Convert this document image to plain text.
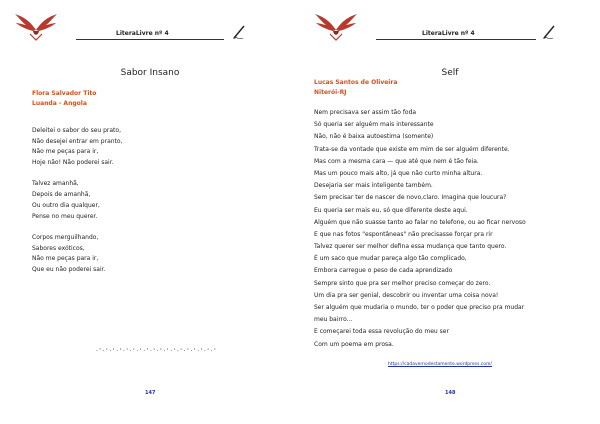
LiteraLivre nº 4
Sabor Insano
Flora Salvador Tito
Luanda - Angola
Deleitei o sabor do seu prato,
Não desejei entrar em pranto,
Não me peças para ir,
Hoje não! Não poderei sair.
Talvez amanhã,
Depois de amanhã,
Ou outro dia qualquer,
Pense no meu querer.
Corpos merguilhando,
Sabores exóticos,
Não me peças para ir,
Que eu não poderei sair.
·ʿ·ʿ·ʿ·ʿ·ʿ·ʿ·ʿ·ʿ·ʿ·ʿ·ʿ·ʿ·ʿ·ʿ·ʿ·ʿ·ʿ·ʿ
147
LiteraLivre nº 4
Self
Lucas Santos de Oliveira
Niterói-RJ
Nem precisava ser assim tão foda
Só queria ser alguém mais interessante
Não, não é baixa autoestima (somente)
Trata-se da vontade que existe em mim de ser alguém diferente.
Mas com a mesma cara — que até que nem é tão feia.
Mas um pouco mais alto, já que não curto minha altura.
Desejaria ser mais inteligente também.
Sem precisar ter de nascer de novo,claro. Imagina que loucura?
Eu queria ser mais eu, só que diferente deste aqui.
Alguém que não suasse tanto ao falar no telefone, ou ao ficar nervoso
E que nas fotos "espontâneas" não precisasse forçar pra rir
Talvez querer ser melhor defina essa mudança que tanto quero.
É um saco que mudar pareça algo tão complicado,
Embora carregue o peso de cada aprendizado
Sempre sinto que pra ser melhor preciso começar do zero.
Um dia pra ser genial, descobrir ou inventar uma coisa nova!
Ser alguém que mudaria o mundo, ter o poder que preciso pra mudar
meu bairro...
E começarei toda essa revolução do meu ser
Com um poema em prosa.
https://cadavernodestamente.wordpress.com/
148
